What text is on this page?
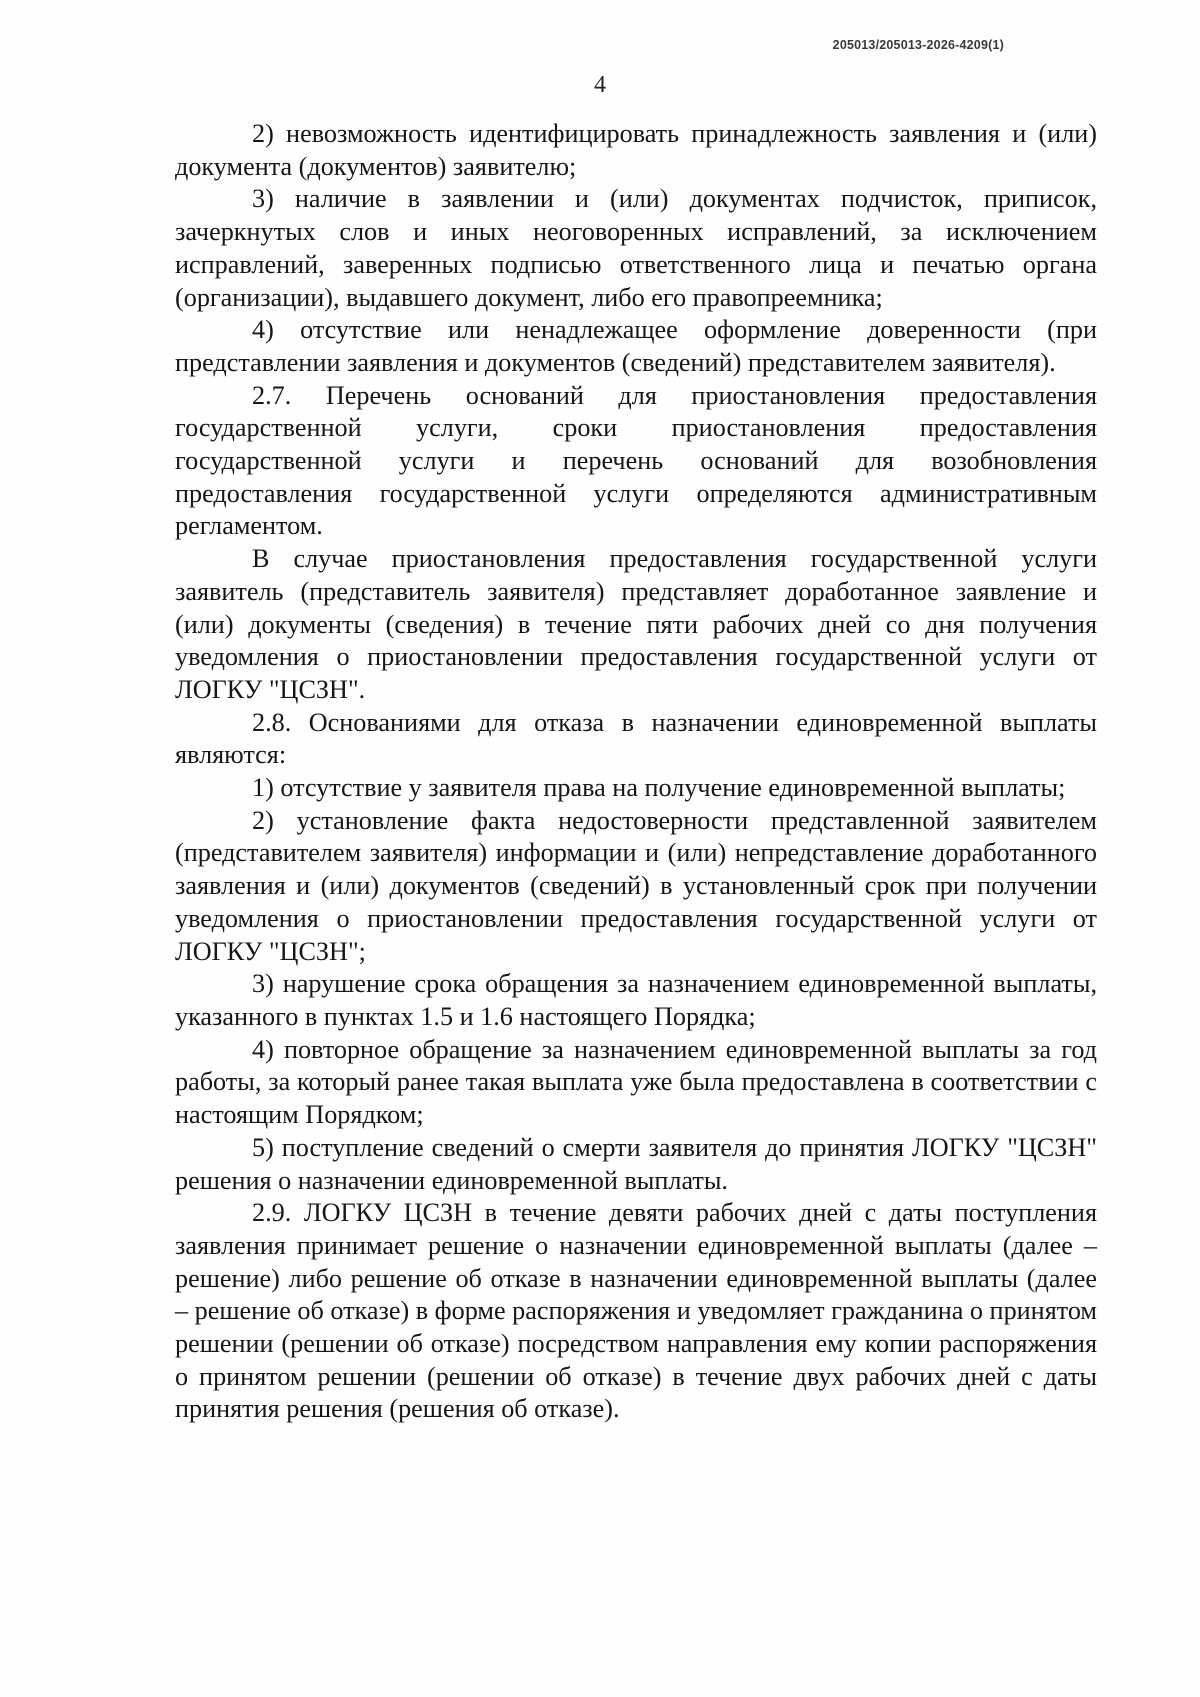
205013/205013-2026-4209(1)
4

2) невозможность идентифицировать принадлежность заявления и (или) документа (документов) заявителю;

3) наличие в заявлении и (или) документах подчисток, приписок, зачеркнутых слов и иных неоговоренных исправлений, за исключением исправлений, заверенных подписью ответственного лица и печатью органа (организации), выдавшего документ, либо его правопреемника;

4) отсутствие или ненадлежащее оформление доверенности (при представлении заявления и документов (сведений) представителем заявителя).

2.7. Перечень оснований для приостановления предоставления государственной услуги, сроки приостановления предоставления государственной услуги и перечень оснований для возобновления предоставления государственной услуги определяются административным регламентом.

В случае приостановления предоставления государственной услуги заявитель (представитель заявителя) представляет доработанное заявление и (или) документы (сведения) в течение пяти рабочих дней со дня получения уведомления о приостановлении предоставления государственной услуги от ЛОГКУ "ЦСЗН".

2.8. Основаниями для отказа в назначении единовременной выплаты являются:

1) отсутствие у заявителя права на получение единовременной выплаты;

2) установление факта недостоверности представленной заявителем (представителем заявителя) информации и (или) непредставление доработанного заявления и (или) документов (сведений) в установленный срок при получении уведомления о приостановлении предоставления государственной услуги от ЛОГКУ "ЦСЗН";

3) нарушение срока обращения за назначением единовременной выплаты, указанного в пунктах 1.5 и 1.6 настоящего Порядка;

4) повторное обращение за назначением единовременной выплаты за год работы, за который ранее такая выплата уже была предоставлена в соответствии с настоящим Порядком;

5) поступление сведений о смерти заявителя до принятия ЛОГКУ "ЦСЗН" решения о назначении единовременной выплаты.

2.9. ЛОГКУ ЦСЗН в течение девяти рабочих дней с даты поступления заявления принимает решение о назначении единовременной выплаты (далее – решение) либо решение об отказе в назначении единовременной выплаты (далее – решение об отказе) в форме распоряжения и уведомляет гражданина о принятом решении (решении об отказе) посредством направления ему копии распоряжения о принятом решении (решении об отказе) в течение двух рабочих дней с даты принятия решения (решения об отказе).
